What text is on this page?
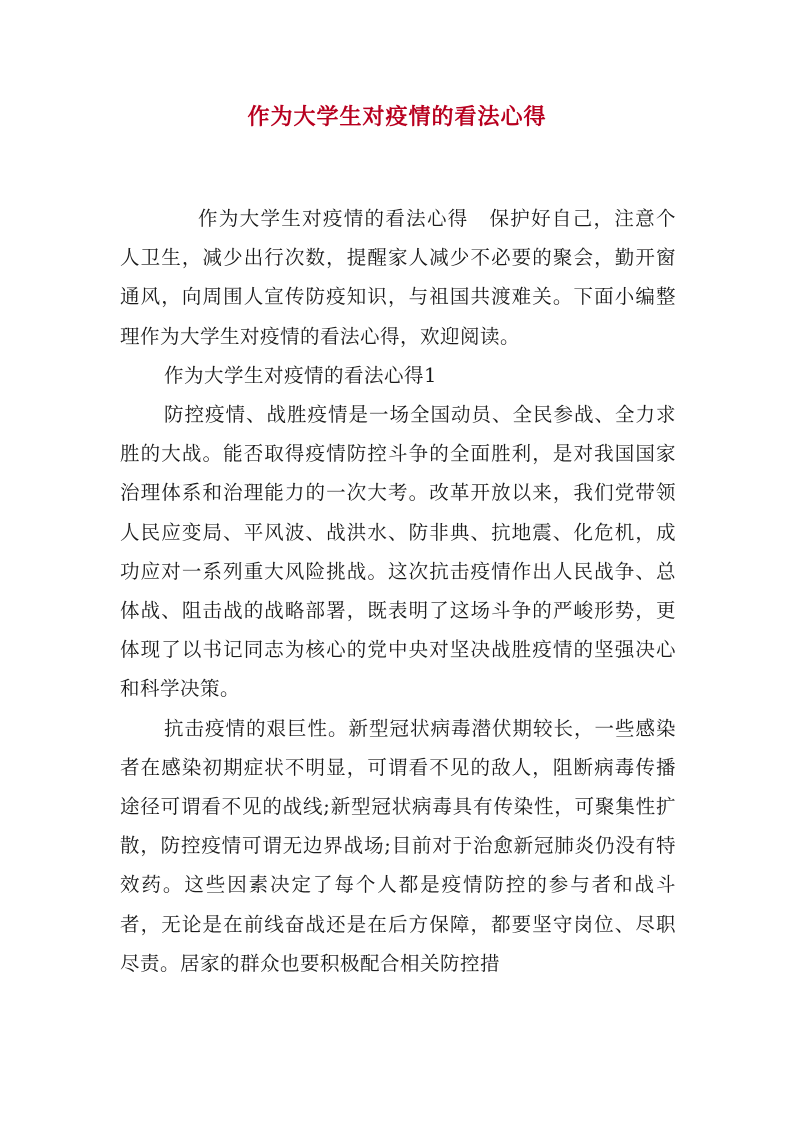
作为大学生对疫情的看法心得

作为大学生对疫情的看法心得　保护好自己，注意个人卫生，减少出行次数，提醒家人减少不必要的聚会，勤开窗通风，向周围人宣传防疫知识，与祖国共渡难关。下面小编整理作为大学生对疫情的看法心得，欢迎阅读。

作为大学生对疫情的看法心得1

防控疫情、战胜疫情是一场全国动员、全民参战、全力求胜的大战。能否取得疫情防控斗争的全面胜利，是对我国国家治理体系和治理能力的一次大考。改革开放以来，我们党带领人民应变局、平风波、战洪水、防非典、抗地震、化危机，成功应对一系列重大风险挑战。这次抗击疫情作出人民战争、总体战、阻击战的战略部署，既表明了这场斗争的严峻形势，更体现了以书记同志为核心的党中央对坚决战胜疫情的坚强决心和科学决策。

抗击疫情的艰巨性。新型冠状病毒潜伏期较长，一些感染者在感染初期症状不明显，可谓看不见的敌人，阻断病毒传播途径可谓看不见的战线;新型冠状病毒具有传染性，可聚集性扩散，防控疫情可谓无边界战场;目前对于治愈新冠肺炎仍没有特效药。这些因素决定了每个人都是疫情防控的参与者和战斗者，无论是在前线奋战还是在后方保障，都要坚守岗位、尽职尽责。居家的群众也要积极配合相关防控措
